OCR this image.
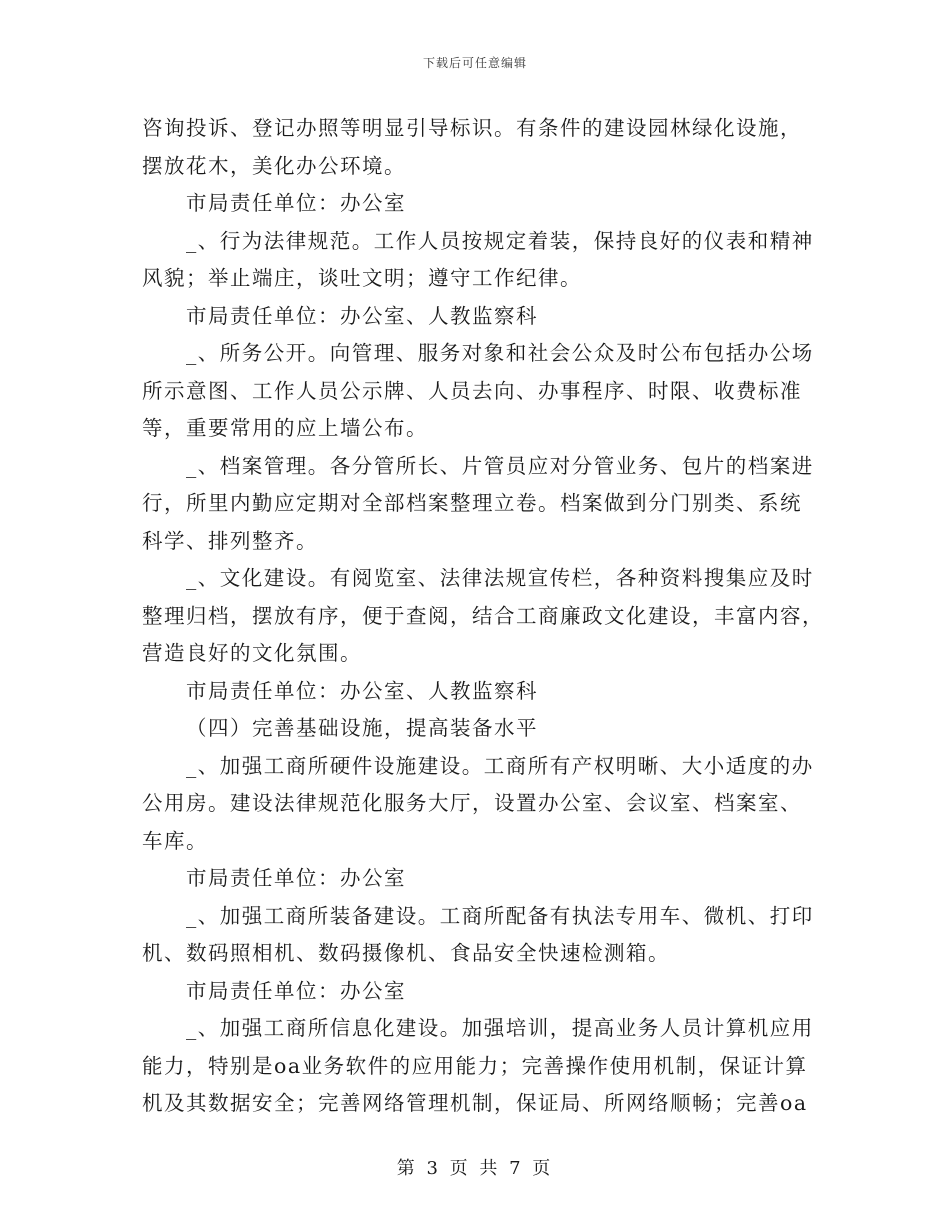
下载后可任意编辑
咨询投诉、登记办照等明显引导标识。有条件的建设园林绿化设施，
摆放花木，美化办公环境。
市局责任单位：办公室
_、行为法律规范。工作人员按规定着装，保持良好的仪表和精神
风貌；举止端庄，谈吐文明；遵守工作纪律。
市局责任单位：办公室、人教监察科
_、所务公开。向管理、服务对象和社会公众及时公布包括办公场
所示意图、工作人员公示牌、人员去向、办事程序、时限、收费标准
等，重要常用的应上墙公布。
_、档案管理。各分管所长、片管员应对分管业务、包片的档案进
行，所里内勤应定期对全部档案整理立卷。档案做到分门别类、系统
科学、排列整齐。
_、文化建设。有阅览室、法律法规宣传栏，各种资料搜集应及时
整理归档，摆放有序，便于查阅，结合工商廉政文化建设，丰富内容，
营造良好的文化氛围。
市局责任单位：办公室、人教监察科
（四）完善基础设施，提高装备水平
_、加强工商所硬件设施建设。工商所有产权明晰、大小适度的办
公用房。建设法律规范化服务大厅，设置办公室、会议室、档案室、
车库。
市局责任单位：办公室
_、加强工商所装备建设。工商所配备有执法专用车、微机、打印
机、数码照相机、数码摄像机、食品安全快速检测箱。
市局责任单位：办公室
_、加强工商所信息化建设。加强培训，提高业务人员计算机应用
能力，特别是oa业务软件的应用能力；完善操作使用机制，保证计算
机及其数据安全；完善网络管理机制，保证局、所网络顺畅；完善oa
第 3 页 共 7 页
